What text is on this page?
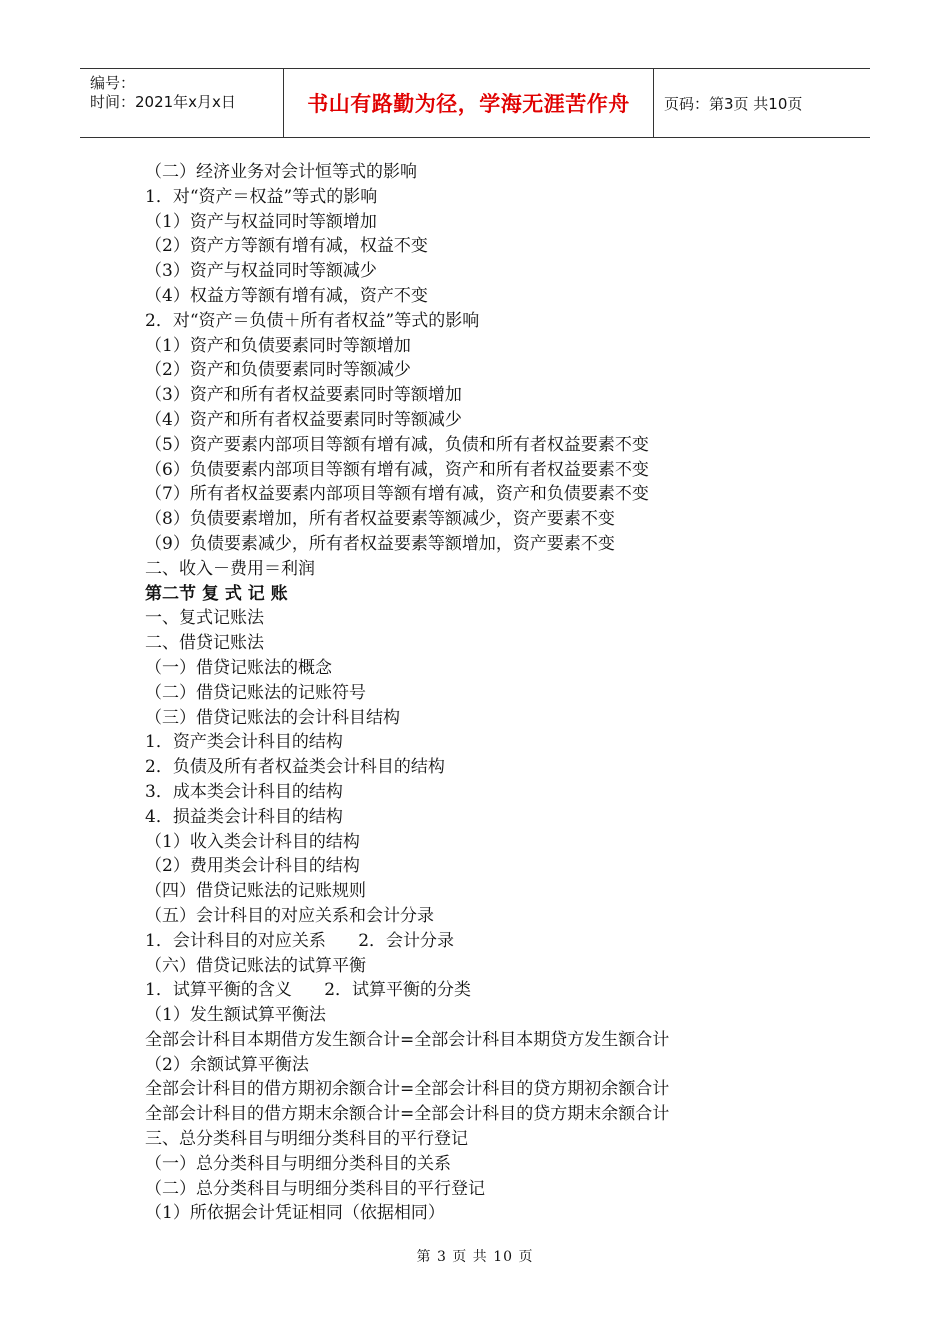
编号：
时间：2021年x月x日	书山有路勤为径，学海无涯苦作舟 页码：第3页 共10页
（二）经济业务对会计恒等式的影响
1．对“资产＝权益”等式的影响
（1）资产与权益同时等额增加
（2）资产方等额有增有减，权益不变
（3）资产与权益同时等额减少
（4）权益方等额有增有减，资产不变
2．对“资产＝负债＋所有者权益”等式的影响
（1）资产和负债要素同时等额增加
（2）资产和负债要素同时等额减少
（3）资产和所有者权益要素同时等额增加
（4）资产和所有者权益要素同时等额减少
（5）资产要素内部项目等额有增有减，负债和所有者权益要素不变
（6）负债要素内部项目等额有增有减，资产和所有者权益要素不变
（7）所有者权益要素内部项目等额有增有减，资产和负债要素不变
（8）负债要素增加，所有者权益要素等额减少，资产要素不变
（9）负债要素减少，所有者权益要素等额增加，资产要素不变
二、收入－费用＝利润
第二节 复 式 记 账
一、复式记账法
二、借贷记账法
（一）借贷记账法的概念
（二）借贷记账法的记账符号
（三）借贷记账法的会计科目结构
1．资产类会计科目的结构
2．负债及所有者权益类会计科目的结构
3．成本类会计科目的结构
4．损益类会计科目的结构
（1）收入类会计科目的结构
（2）费用类会计科目的结构
（四）借贷记账法的记账规则
（五）会计科目的对应关系和会计分录
1．会计科目的对应关系      2．会计分录
（六）借贷记账法的试算平衡
1．试算平衡的含义      2．试算平衡的分类
（1）发生额试算平衡法
全部会计科目本期借方发生额合计=全部会计科目本期贷方发生额合计
（2）余额试算平衡法
全部会计科目的借方期初余额合计=全部会计科目的贷方期初余额合计
全部会计科目的借方期末余额合计=全部会计科目的贷方期末余额合计
三、总分类科目与明细分类科目的平行登记
（一）总分类科目与明细分类科目的关系
（二）总分类科目与明细分类科目的平行登记
（1）所依据会计凭证相同（依据相同）
第 3 页 共 10 页
